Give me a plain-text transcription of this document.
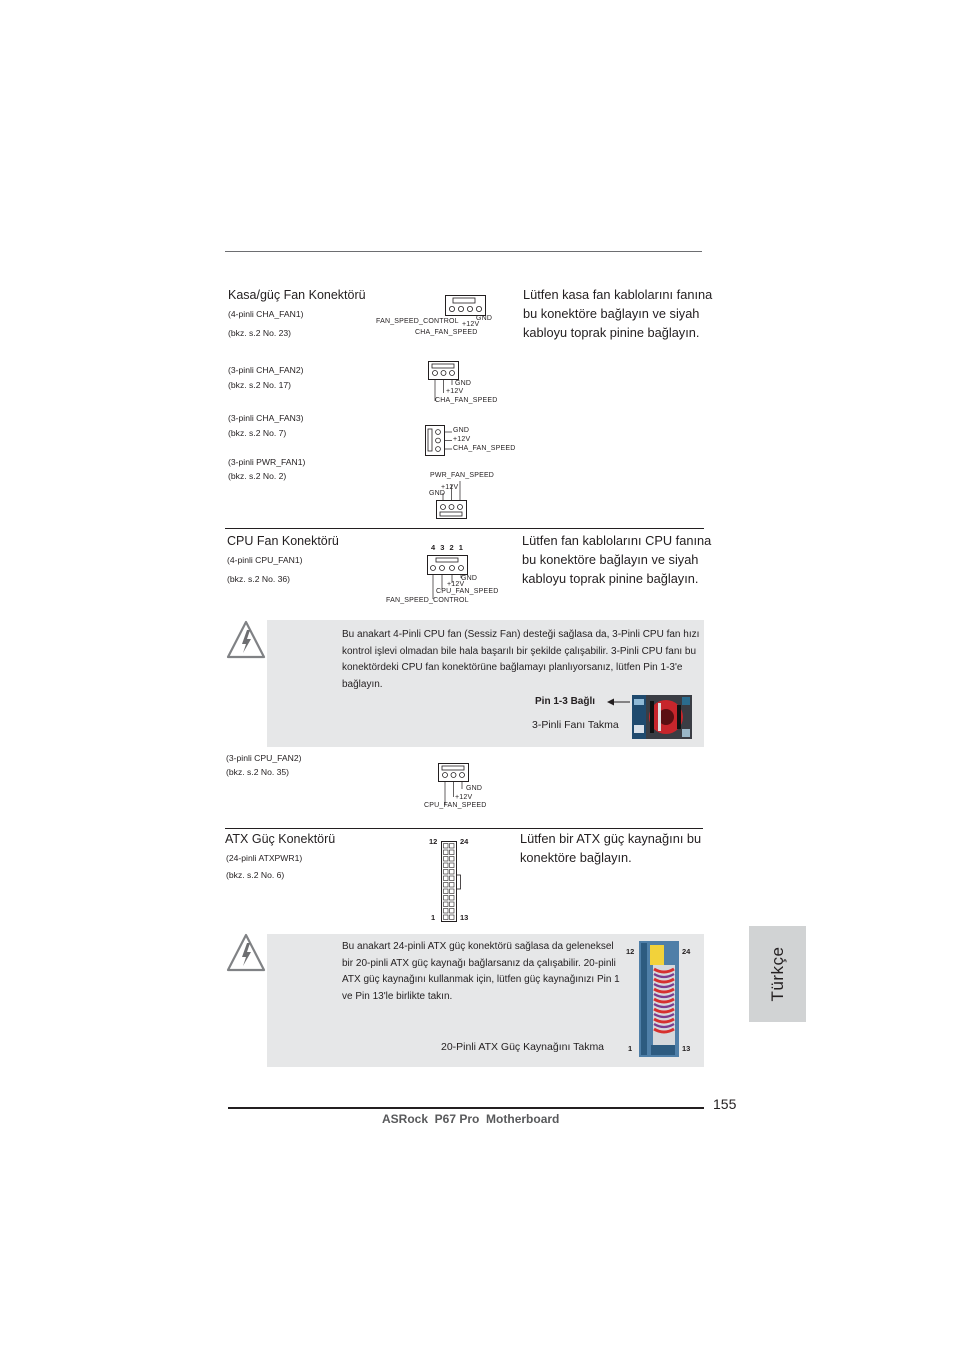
Kasa/güç Fan Konektörü
(4-pinli CHA_FAN1)
(bkz. s.2 No. 23)
Lütfen kasa fan kablolarını fanına bu konektöre bağlayın ve siyah kabloyu toprak pinine bağlayın.
GND
+12V
FAN_SPEED_CONTROL
CHA_FAN_SPEED
(3-pinli CHA_FAN2)
(bkz. s.2 No. 17)	GND
+12V
CHA_FAN_SPEED
(3-pinli CHA_FAN3)
(bkz. s.2 No. 7)	GND
+12V
CHA_FAN_SPEED
(3-pinli PWR_FAN1)
(bkz. s.2 No. 2)	PWR_FAN_SPEED
+12V
GND
CPU Fan Konektörü
(4-pinli CPU_FAN1)
(bkz. s.2 No. 36)
Lütfen fan kablolarını CPU fanına bu konektöre bağlayın ve siyah kabloyu toprak pinine bağlayın.
4 3 2 1
GND
+12V
CPU_FAN_SPEED
FAN_SPEED_CONTROL
Bu anakart 4-Pinli CPU fan (Sessiz Fan) desteği sağlasa da, 3-Pinli CPU fan hızı kontrol işlevi olmadan bile hala başarılı bir şekilde çalışabilir. 3-Pinli CPU fanı bu konektördeki CPU fan konektörüne bağlamayı planlıyorsanız, lütfen Pin 1-3'e bağlayın.
Pin 1-3 Bağlı
3-Pinli Fanı Takma
(3-pinli CPU_FAN2)
(bkz. s.2 No. 35)
GND
+12V
CPU_FAN_SPEED
ATX Güç Konektörü
(24-pinli ATXPWR1)
(bkz. s.2 No. 6)
Lütfen bir ATX güç kaynağını bu konektöre bağlayın.
12	24
1	13
Bu anakart 24-pinli ATX güç konektörü sağlasa da geleneksel bir 20-pinli ATX güç kaynağı bağlarsanız da çalışabilir. 20-pinli ATX güç kaynağını kullanmak için, lütfen güç kaynağınızı Pin 1 ve Pin 13'le birlikte takın.
20-Pinli ATX Güç Kaynağını Takma
12	24
1	13
Türkçe
155
ASRock  P67 Pro  Motherboard
